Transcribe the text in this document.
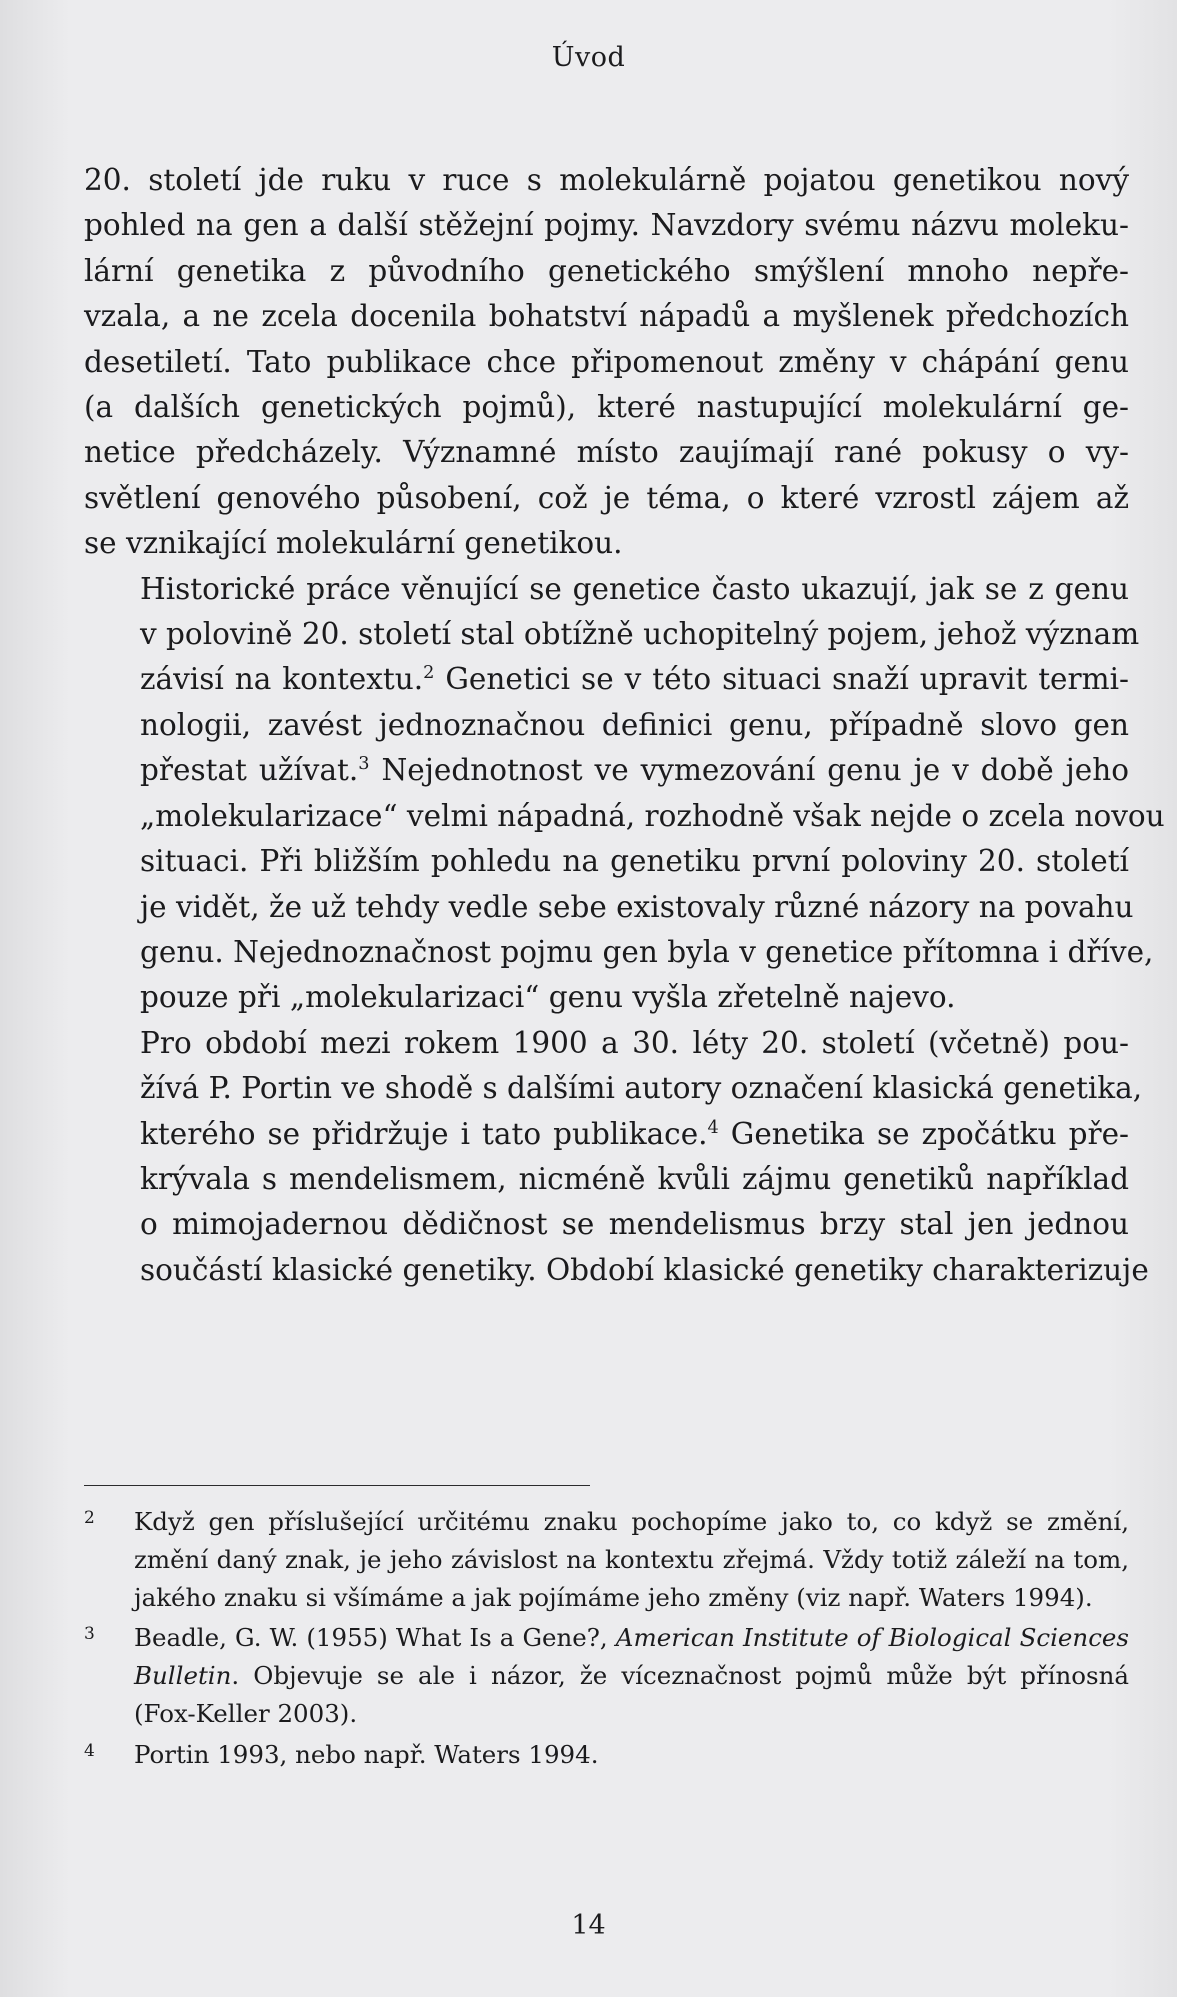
Úvod

20. století jde ruku v ruce s molekulárně pojatou genetikou nový
pohled na gen a další stěžejní pojmy. Navzdory svému názvu moleku-
lární genetika z původního genetického smýšlení mnoho nepře-
vzala, a ne zcela docenila bohatství nápadů a myšlenek předchozích
desetiletí. Tato publikace chce připomenout změny v chápání genu
(a dalších genetických pojmů), které nastupující molekulární ge-
netice předcházely. Významné místo zaujímají rané pokusy o vy-
světlení genového působení, což je téma, o které vzrostl zájem až
se vznikající molekulární genetikou.

Historické práce věnující se genetice často ukazují, jak se z genu
v polovině 20. století stal obtížně uchopitelný pojem, jehož význam
závisí na kontextu.$^2$ Genetici se v této situaci snaží upravit termi-
nologii, zavést jednoznačnou definici genu, případně slovo gen
přestat užívat.$^3$ Nejednotnost ve vymezování genu je v době jeho
„molekularizace“ velmi nápadná, rozhodně však nejde o zcela novou
situaci. Při bližším pohledu na genetiku první poloviny 20. století
je vidět, že už tehdy vedle sebe existovaly různé názory na povahu
genu. Nejednoznačnost pojmu gen byla v genetice přítomna i dříve,
pouze při „molekularizaci“ genu vyšla zřetelně najevo.

Pro období mezi rokem 1900 a 30. léty 20. století (včetně) pou-
žívá P. Portin ve shodě s dalšími autory označení klasická genetika,
kterého se přidržuje i tato publikace.$^4$ Genetika se zpočátku pře-
krývala s mendelismem, nicméně kvůli zájmu genetiků například
o mimojadernou dědičnost se mendelismus brzy stal jen jednou
součástí klasické genetiky. Období klasické genetiky charakterizuje

2 Když gen příslušející určitému znaku pochopíme jako to, co když se změní,
změní daný znak, je jeho závislost na kontextu zřejmá. Vždy totiž záleží na tom,
jakého znaku si všímáme a jak pojímáme jeho změny (viz např. Waters 1994).
3 Beadle, G. W. (1955) What Is a Gene?, American Institute of Biological Sciences
Bulletin. Objevuje se ale i názor, že víceznačnost pojmů může být přínosná
(Fox-Keller 2003).
4 Portin 1993, nebo např. Waters 1994.
14
